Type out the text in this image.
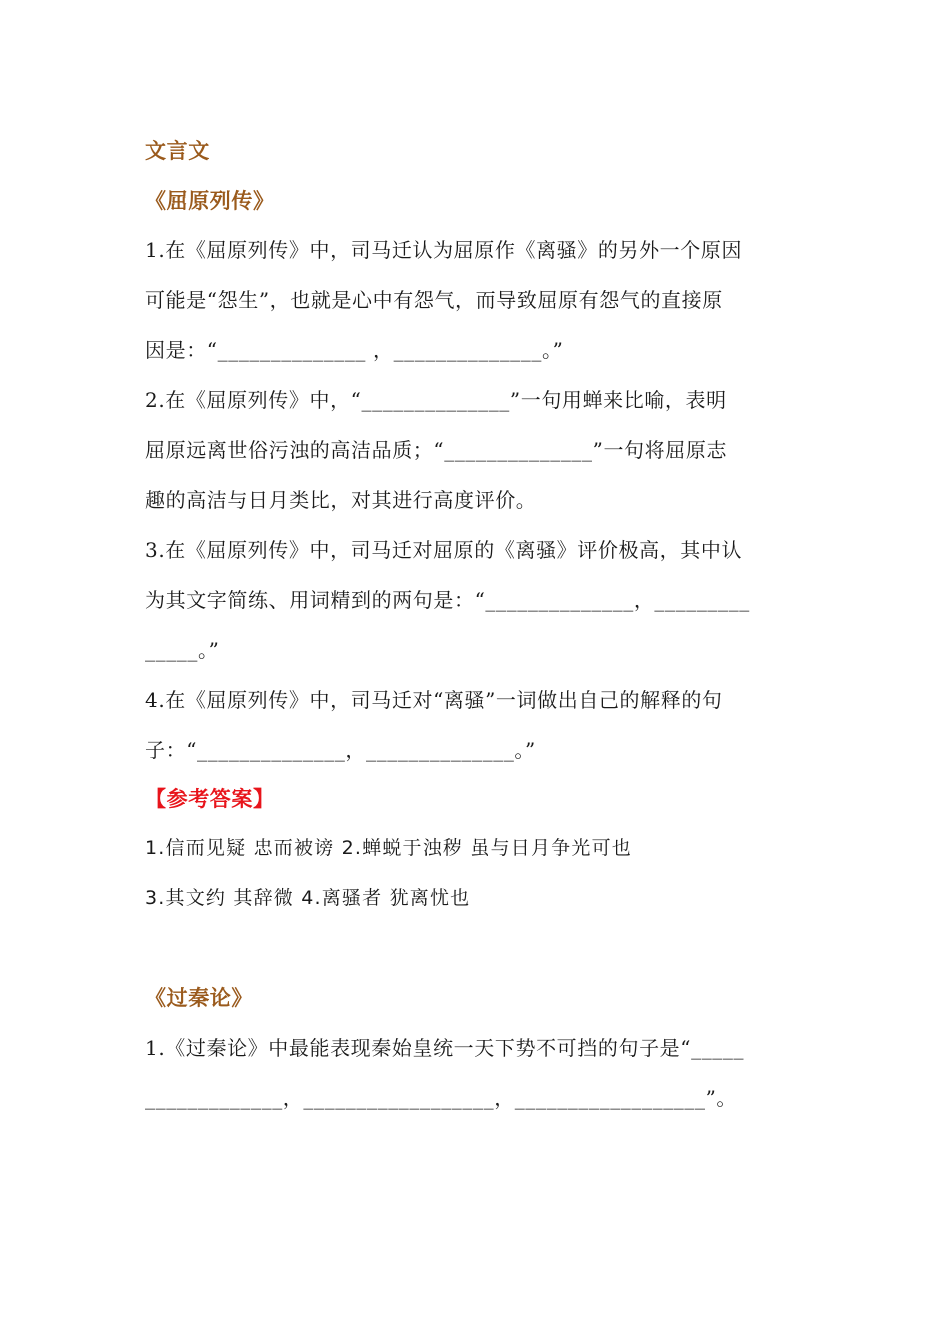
文言文
《屈原列传》
1.在《屈原列传》中，司马迁认为屈原作《离骚》的另外一个原因
可能是“怨生”，也就是心中有怨气，而导致屈原有怨气的直接原
因是：“______________ ，______________。”
2.在《屈原列传》中，“______________”一句用蝉来比喻，表明
屈原远离世俗污浊的高洁品质；“______________”一句将屈原志
趣的高洁与日月类比，对其进行高度评价。
3.在《屈原列传》中，司马迁对屈原的《离骚》评价极高，其中认
为其文字简练、用词精到的两句是：“______________，_________
_____。”
4.在《屈原列传》中，司马迁对“离骚”一词做出自己的解释的句
子：“______________，______________。”
【参考答案】
1.信而见疑 忠而被谤 2.蝉蜕于浊秽 虽与日月争光可也
3.其文约 其辞微 4.离骚者 犹离忧也
《过秦论》
1.《过秦论》中最能表现秦始皇统一天下势不可挡的句子是“_____
_____________，__________________，__________________”。
